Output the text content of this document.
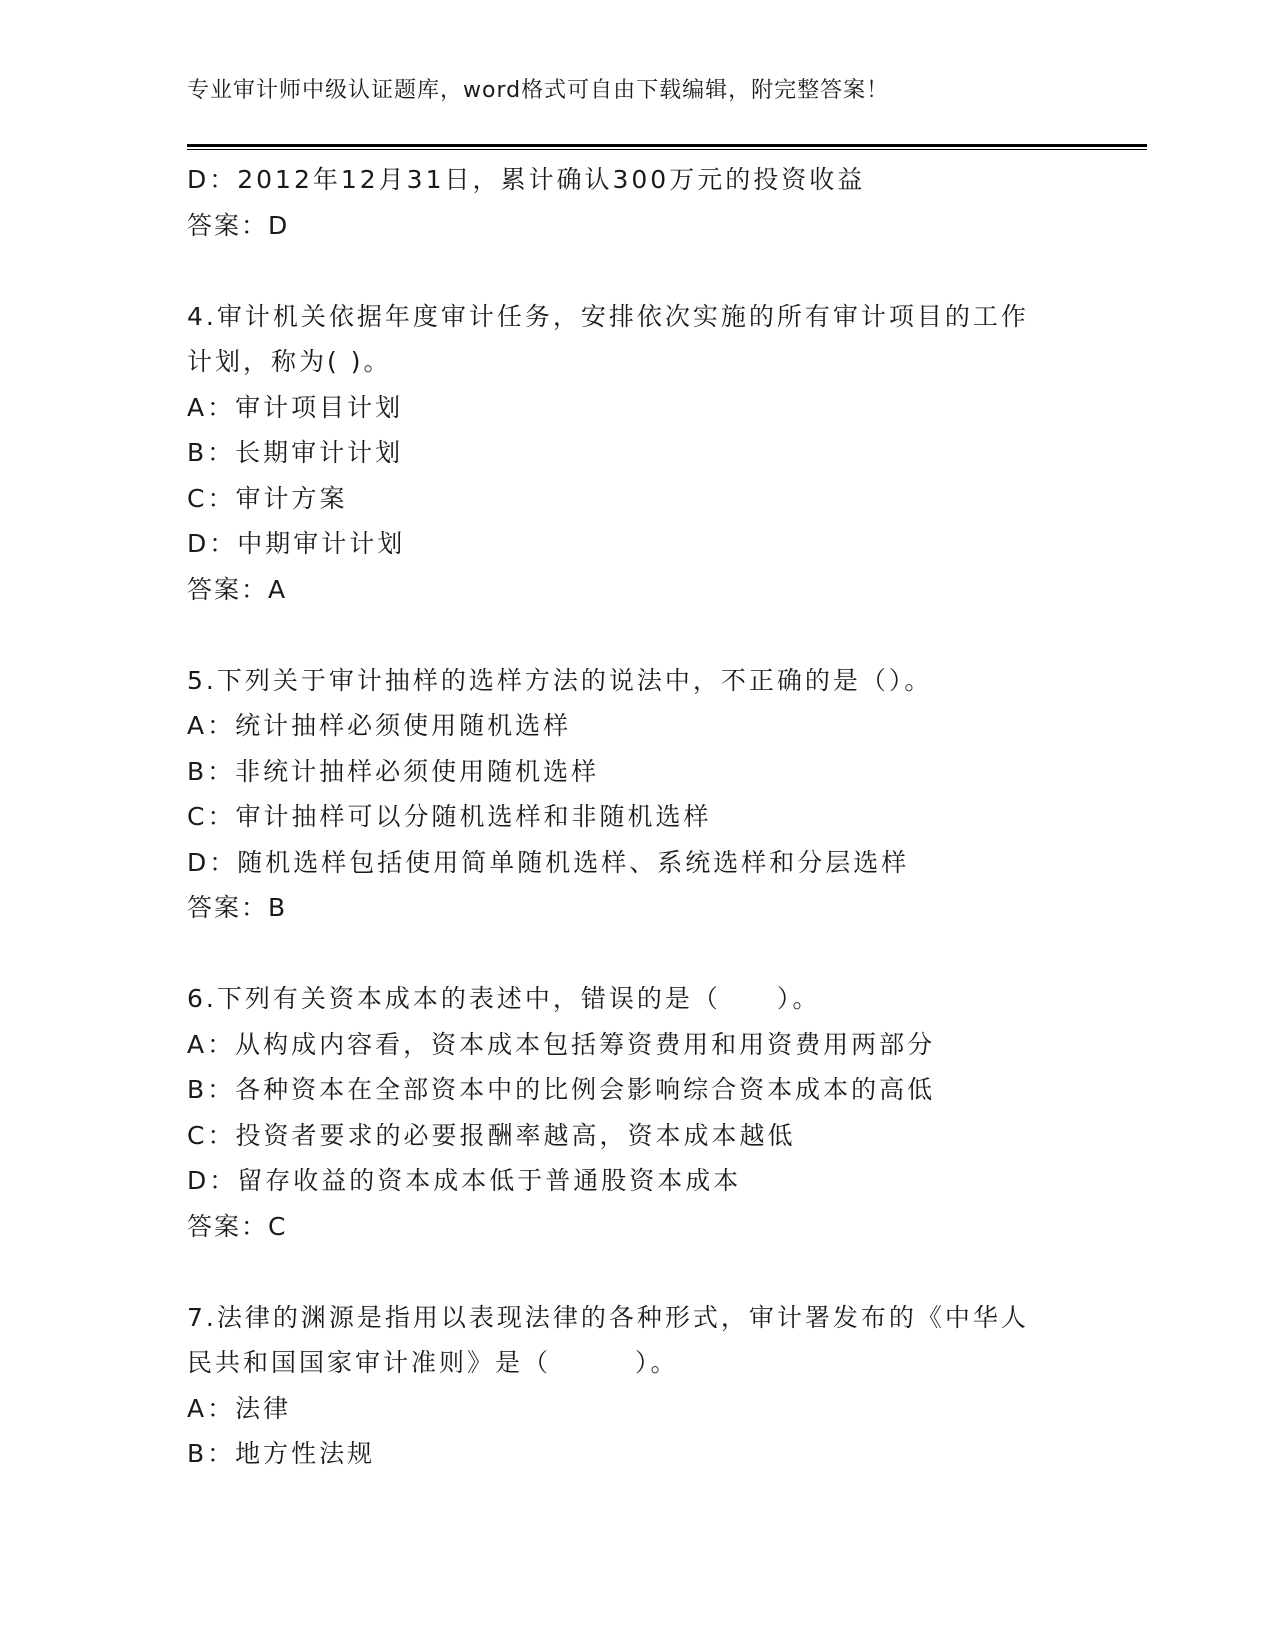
专业审计师中级认证题库，word格式可自由下载编辑，附完整答案！
D：2012年12月31日，累计确认300万元的投资收益
答案：D
4.审计机关依据年度审计任务，安排依次实施的所有审计项目的工作
计划，称为( )。
A：审计项目计划
B：长期审计计划
C：审计方案
D：中期审计计划
答案：A
5.下列关于审计抽样的选样方法的说法中，不正确的是（）。
A：统计抽样必须使用随机选样
B：非统计抽样必须使用随机选样
C：审计抽样可以分随机选样和非随机选样
D：随机选样包括使用简单随机选样、系统选样和分层选样
答案：B
6.下列有关资本成本的表述中，错误的是（　　）。
A：从构成内容看，资本成本包括筹资费用和用资费用两部分
B：各种资本在全部资本中的比例会影响综合资本成本的高低
C：投资者要求的必要报酬率越高，资本成本越低
D：留存收益的资本成本低于普通股资本成本
答案：C
7.法律的渊源是指用以表现法律的各种形式，审计署发布的《中华人
民共和国国家审计准则》是（　　　）。
A：法律
B：地方性法规
